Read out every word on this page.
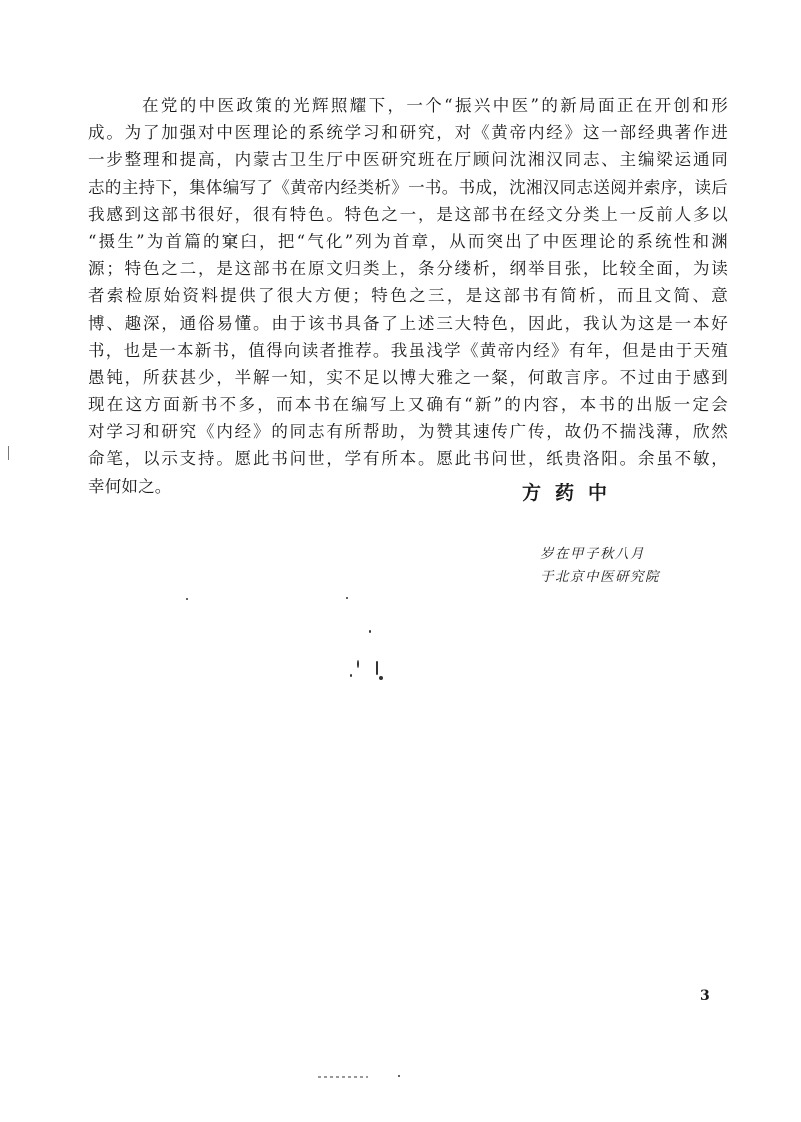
在党的中医政策的光辉照耀下，一个“振兴中医”的新局面正在开创和形
成。为了加强对中医理论的系统学习和研究，对《黄帝内经》这一部经典著作进
一步整理和提高，内蒙古卫生厅中医研究班在厅顾问沈湘汉同志、主编梁运通同
志的主持下，集体编写了《黄帝内经类析》一书。书成，沈湘汉同志送阅并索序，读后
我感到这部书很好，很有特色。特色之一，是这部书在经文分类上一反前人多以
“摄生”为首篇的窠臼，把“气化”列为首章，从而突出了中医理论的系统性和渊
源；特色之二，是这部书在原文归类上，条分缕析，纲举目张，比较全面，为读
者索检原始资料提供了很大方便；特色之三，是这部书有简析，而且文简、意
博、趣深，通俗易懂。由于该书具备了上述三大特色，因此，我认为这是一本好
书，也是一本新书，值得向读者推荐。我虽浅学《黄帝内经》有年，但是由于天殖
愚钝，所获甚少，半解一知，实不足以博大雅之一粲，何敢言序。不过由于感到
现在这方面新书不多，而本书在编写上又确有“新”的内容，本书的出版一定会
对学习和研究《内经》的同志有所帮助，为赞其速传广传，故仍不揣浅薄，欣然
命笔，以示支持。愿此书问世，学有所本。愿此书问世，纸贵洛阳。余虽不敏，
幸何如之。	方药中
岁在甲子秋八月
于北京中医研究院
3
